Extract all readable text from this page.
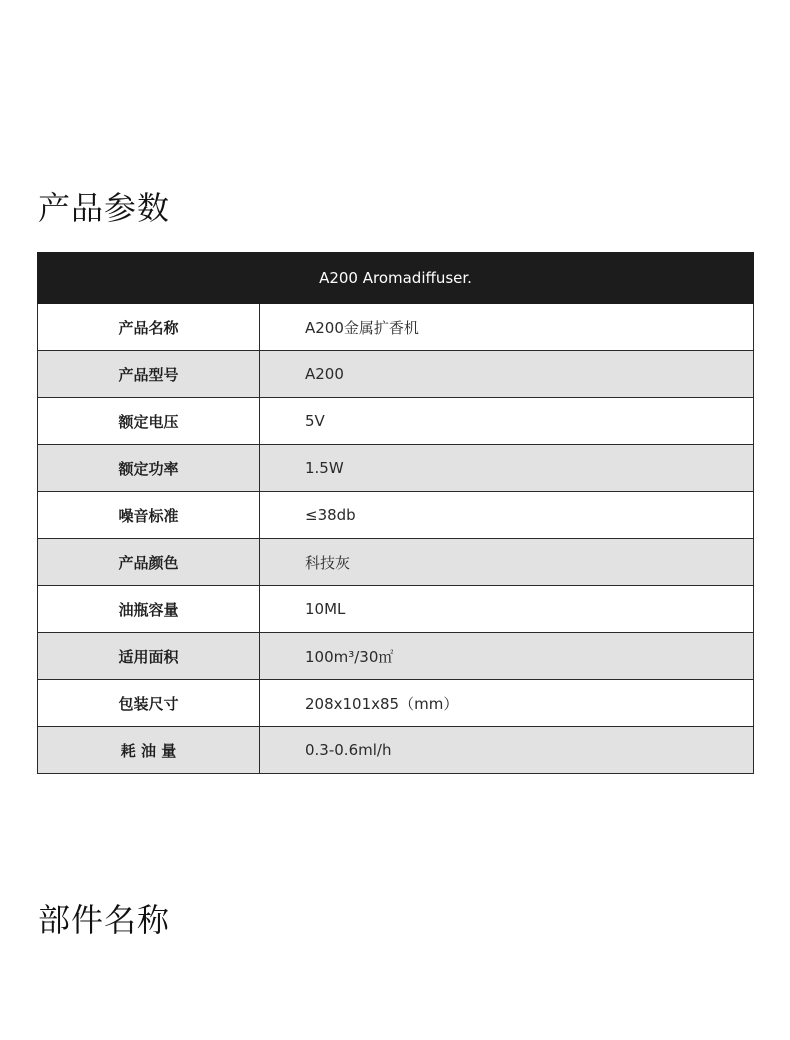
产品参数
A200 Aromadiffuser.	
产品名称	A200金属扩香机
产品型号	A200
额定电压	5V
额定功率	1.5W
噪音标准	≤38db
产品颜色	科技灰
油瓶容量	10ML
适用面积	100m³/30㎡
包装尺寸	208x101x85（mm）
耗 油 量	0.3-0.6ml/h
部件名称
